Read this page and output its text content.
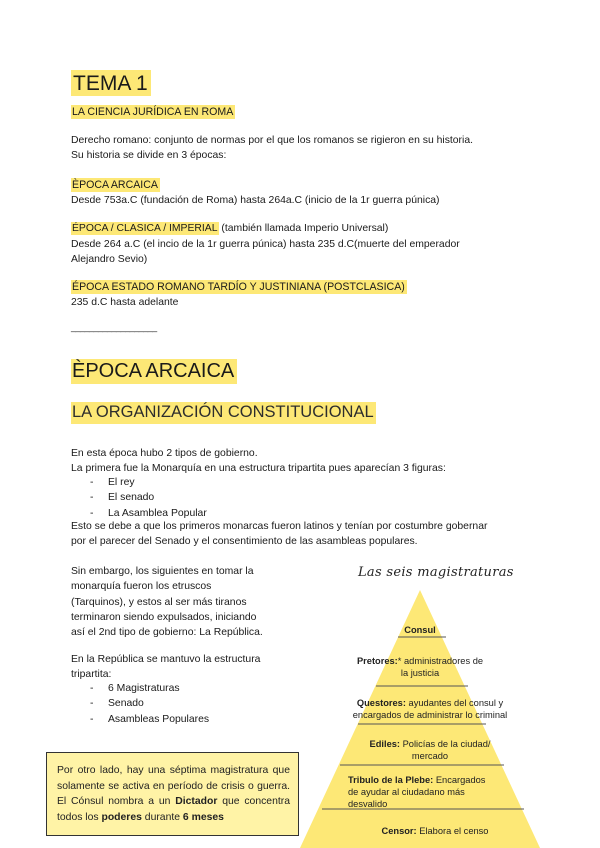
TEMA 1
LA CIENCIA JURÍDICA EN ROMA
Derecho romano: conjunto de normas por el que los romanos se rigieron en su historia.
Su historia se divide en 3 épocas:
ÈPOCA ARCAICA
Desde 753a.C (fundación de Roma) hasta 264a.C (inicio de la 1r guerra púnica)
ÉPOCA / CLASICA / IMPERIAL (también llamada Imperio Universal)
Desde 264 a.C (el incio de la 1r guerra púnica) hasta 235 d.C(muerte del emperador
Alejandro Sevio)
ÉPOCA ESTADO ROMANO TARDÍO Y JUSTINIANA (POSTCLASICA)
235 d.C hasta adelante
___________________
ÈPOCA ARCAICA
LA ORGANIZACIÓN CONSTITUCIONAL
En esta época hubo 2 tipos de gobierno.
La primera fue la Monarquía en una estructura tripartita pues aparecían 3 figuras:
- El rey
- El senado
- La Asamblea Popular
Esto se debe a que los primeros monarcas fueron latinos y tenían por costumbre gobernar
por el parecer del Senado y el consentimiento de las asambleas populares.
Sin embargo, los siguientes en tomar la
monarquía fueron los etruscos
(Tarquinos), y estos al ser más tiranos
terminaron siendo expulsados, iniciando
así el 2nd tipo de gobierno: La República.
En la República se mantuvo la estructura
tripartita:
- 6 Magistraturas
- Senado
- Asambleas Populares
Por otro lado, hay una séptima magistratura que solamente se activa en período de crisis o guerra. El Cónsul nombra a un Dictador que concentra todos los poderes durante 6 meses
Las seis magistraturas
Consul
Pretores:* administradores de
la justicia
Questores: ayudantes del consul y
encargados de administrar lo criminal
Ediles: Policías de la ciudad/
mercado
Tribulo de la Plebe: Encargados
de ayudar al ciudadano más
desvalido
Censor: Elabora el censo
